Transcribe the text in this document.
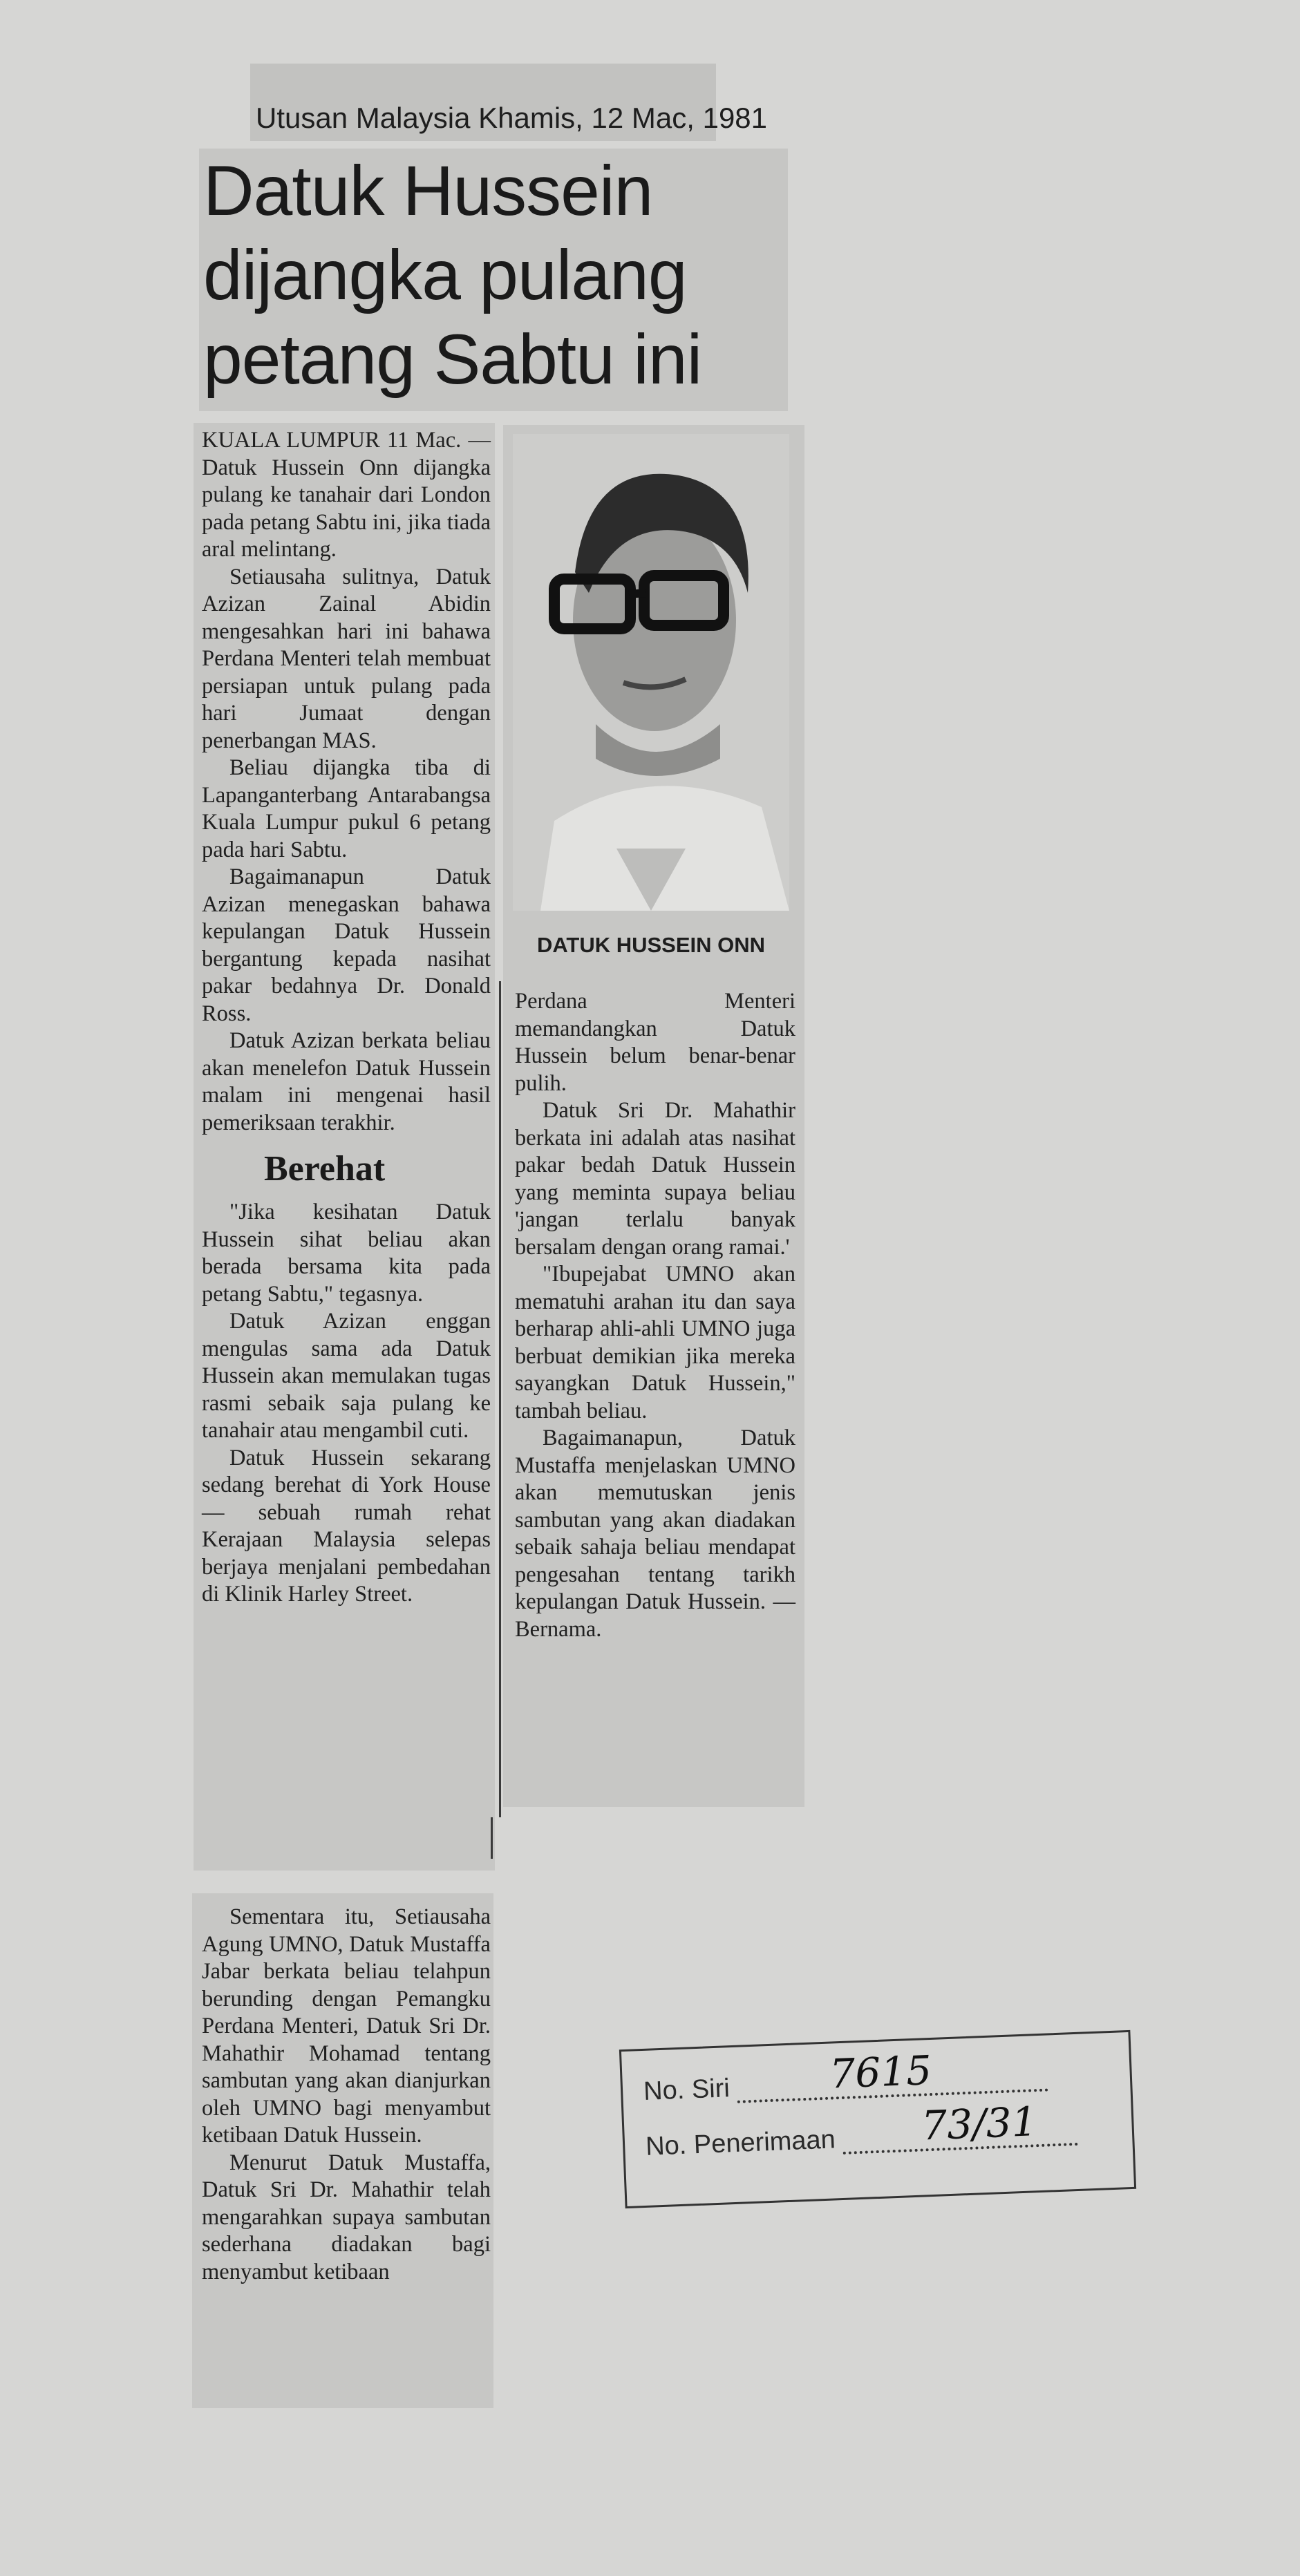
Utusan Malaysia Khamis, 12 Mac, 1981
Datuk Hussein
dijangka pulang
petang Sabtu ini
DATUK HUSSEIN ONN

KUALA LUMPUR 11 Mac. — Datuk Hussein Onn dijangka pulang ke tanahair dari London pada petang Sabtu ini, jika tiada aral melintang.

Setiausaha sulitnya, Datuk Azizan Zainal Abidin mengesahkan hari ini bahawa Perdana Menteri telah membuat persiapan untuk pulang pada hari Jumaat dengan penerbangan MAS.

Beliau dijangka tiba di Lapanganterbang Antarabangsa Kuala Lumpur pukul 6 petang pada hari Sabtu.

Bagaimanapun Datuk Azizan menegaskan bahawa kepulangan Datuk Hussein bergantung kepada nasihat pakar bedahnya Dr. Donald Ross.

Datuk Azizan berkata beliau akan menelefon Datuk Hussein malam ini mengenai hasil pemeriksaan terakhir.

Berehat

"Jika kesihatan Datuk Hussein sihat beliau akan berada bersama kita pada petang Sabtu," tegasnya.

Datuk Azizan enggan mengulas sama ada Datuk Hussein akan memulakan tugas rasmi sebaik saja pulang ke tanahair atau mengambil cuti.

Datuk Hussein sekarang sedang berehat di York House — sebuah rumah rehat Kerajaan Malaysia selepas berjaya menjalani pembedahan di Klinik Harley Street.

Sementara itu, Setiausaha Agung UMNO, Datuk Mustaffa Jabar berkata beliau telahpun berunding dengan Pemangku Perdana Menteri, Datuk Sri Dr. Mahathir Mohamad tentang sambutan yang akan dianjurkan oleh UMNO bagi menyambut ketibaan Datuk Hussein.

Menurut Datuk Mustaffa, Datuk Sri Dr. Mahathir telah mengarahkan supaya sambutan sederhana diadakan bagi menyambut ketibaan

Perdana Menteri memandangkan Datuk Hussein belum benar-benar pulih.

Datuk Sri Dr. Mahathir berkata ini adalah atas nasihat pakar bedah Datuk Hussein yang meminta supaya beliau 'jangan terlalu banyak bersalam dengan orang ramai.'

"Ibupejabat UMNO akan mematuhi arahan itu dan saya berharap ahli-ahli UMNO juga berbuat demikian jika mereka sayangkan Datuk Hussein," tambah beliau.

Bagaimanapun, Datuk Mustaffa menjelaskan UMNO akan memutuskan jenis sambutan yang akan diadakan sebaik sahaja beliau mendapat pengesahan tentang tarikh kepulangan Datuk Hussein. — Bernama.

No. Siri	7615
No. Penerimaan	73/31
